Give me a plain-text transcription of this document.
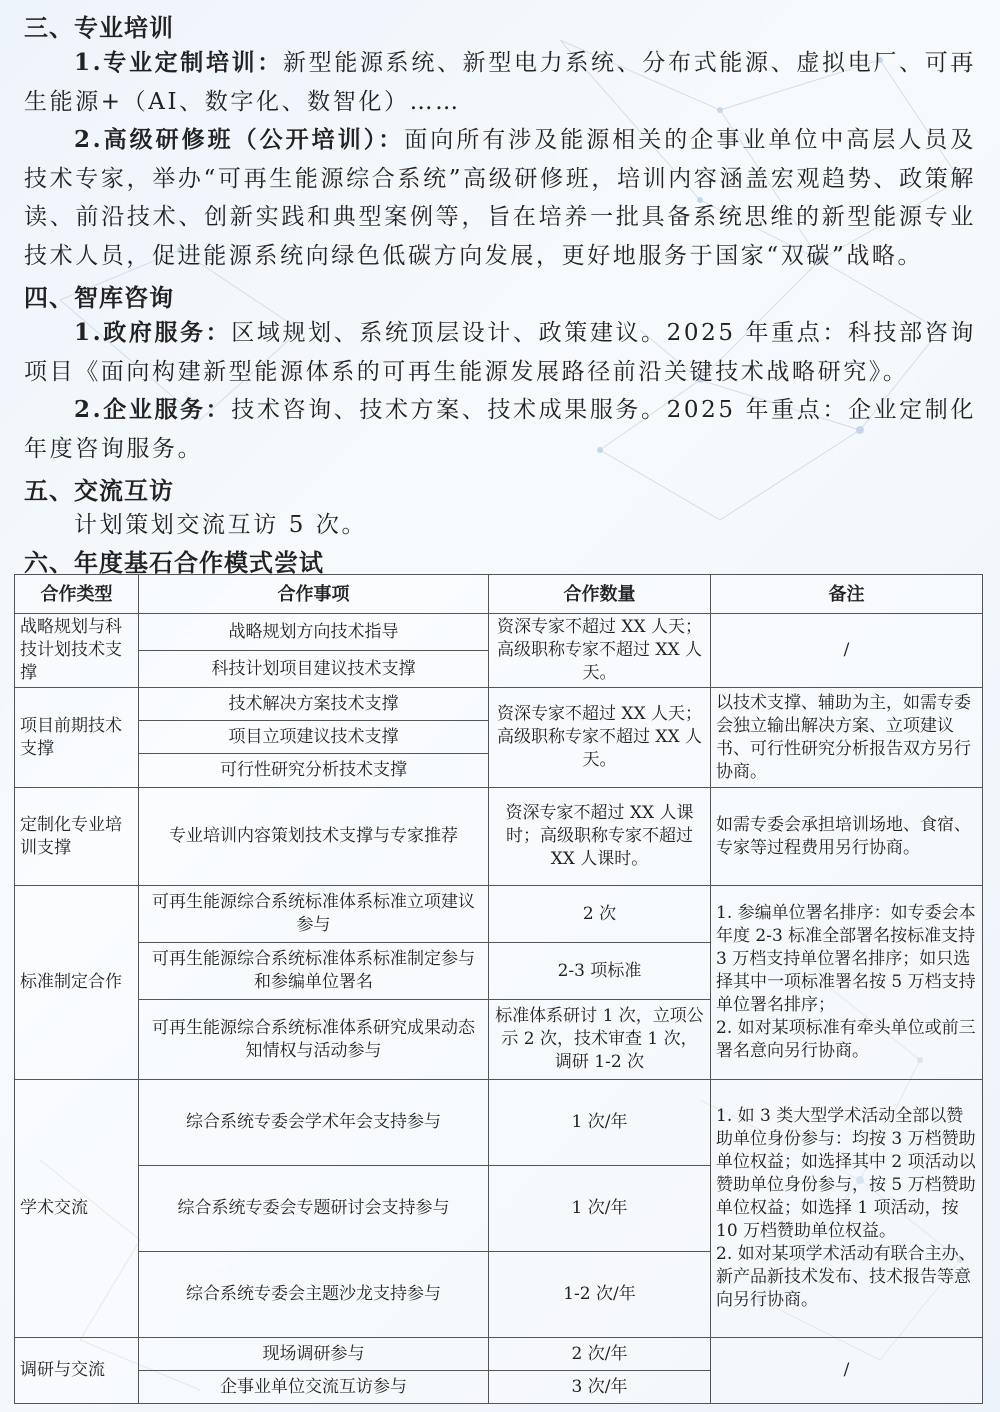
三、专业培训
1.专业定制培训：新型能源系统、新型电力系统、分布式能源、虚拟电厂、可再生能源+（AI、数字化、数智化）……
2.高级研修班（公开培训）：面向所有涉及能源相关的企事业单位中高层人员及技术专家，举办“可再生能源综合系统”高级研修班，培训内容涵盖宏观趋势、政策解读、前沿技术、创新实践和典型案例等，旨在培养一批具备系统思维的新型能源专业技术人员，促进能源系统向绿色低碳方向发展，更好地服务于国家“双碳”战略。
四、智库咨询
1.政府服务：区域规划、系统顶层设计、政策建议。2025 年重点：科技部咨询项目《面向构建新型能源体系的可再生能源发展路径前沿关键技术战略研究》。
2.企业服务：技术咨询、技术方案、技术成果服务。2025 年重点：企业定制化年度咨询服务。
五、交流互访
计划策划交流互访 5 次。
六、年度基石合作模式尝试
合作类型	合作事项	合作数量	备注
战略规划与科技计划技术支撑	战略规划方向技术指导	资深专家不超过 XX 人天；高级职称专家不超过 XX 人天。	/
	科技计划项目建议技术支撑		
项目前期技术支撑	技术解决方案技术支撑	资深专家不超过 XX 人天；高级职称专家不超过 XX 人天。	以技术支撑、辅助为主，如需专委会独立输出解决方案、立项建议书、可行性研究分析报告双方另行协商。
	项目立项建议技术支撑		
	可行性研究分析技术支撑		
定制化专业培训支撑	专业培训内容策划技术支撑与专家推荐	资深专家不超过 XX 人课时；高级职称专家不超过 XX 人课时。	如需专委会承担培训场地、食宿、专家等过程费用另行协商。
标准制定合作	可再生能源综合系统标准体系标准立项建议参与	2 次	1. 参编单位署名排序：如专委会本年度 2-3 标准全部署名按标准支持 3 万档支持单位署名排序；如只选择其中一项标准署名按 5 万档支持单位署名排序；
2. 如对某项标准有牵头单位或前三署名意向另行协商。
	可再生能源综合系统标准体系标准制定参与和参编单位署名	2-3 项标准	
	可再生能源综合系统标准体系研究成果动态知情权与活动参与	标准体系研讨 1 次，立项公示 2 次，技术审查 1 次，调研 1-2 次	
学术交流	综合系统专委会学术年会支持参与	1 次/年	1. 如 3 类大型学术活动全部以赞助单位身份参与：均按 3 万档赞助单位权益；如选择其中 2 项活动以赞助单位身份参与，按 5 万档赞助单位权益；如选择 1 项活动，按 10 万档赞助单位权益。
2. 如对某项学术活动有联合主办、新产品新技术发布、技术报告等意向另行协商。
	综合系统专委会专题研讨会支持参与	1 次/年	
	综合系统专委会主题沙龙支持参与	1-2 次/年	
调研与交流	现场调研参与	2 次/年	/
	企事业单位交流互访参与	3 次/年	
